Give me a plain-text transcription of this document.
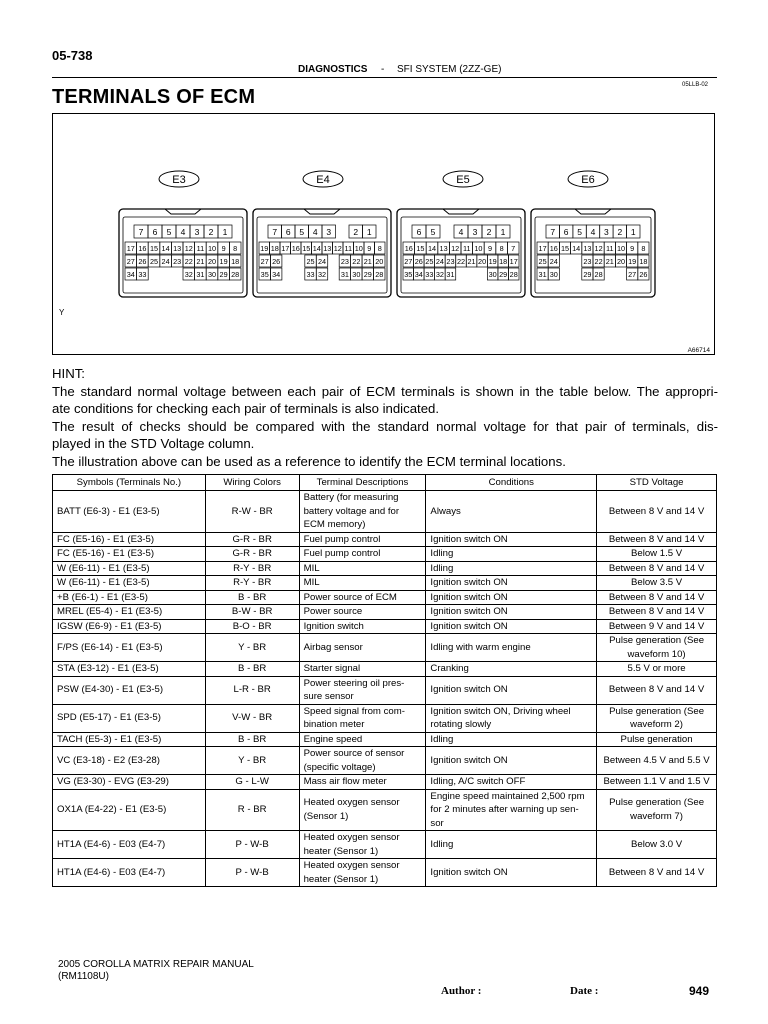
05-738
DIAGNOSTICS - SFI SYSTEM (2ZZ-GE)
05LLB-02
TERMINALS OF ECM
E3
7 6 5 4 3 2 1
17 16 15 14 13 12 11 10 9 8
27 26 25 24 23 22 21 20 19 18
34 33	32 31 30 29 28
E4
7 6 5 4 3	2 1
19 18 17 16 15 14 13 12 11 10 9 8
27 26	25 24 23 22 21 20
35 34	33 32 31 30 29 28
E5
6 5	4 3 2 1
16 15 14 13 12 11 10 9 8 7
27 26 25 24 23 22 21 20 19 18 17
35 34 33 32 31	30 29 28
E6
7 6 5 4 3 2 1
17 16 15 14 13 12 11 10 9 8
25 24	23 22 21 20 19 18
31 30	29 28	27 26
Y
A66714

HINT:

The standard normal voltage between each pair of ECM terminals is shown in the table below. The appropri-

ate conditions for checking each pair of terminals is also indicated.

The result of checks should be compared with the standard normal voltage for that pair of terminals, dis-

played in the STD Voltage column.

The illustration above can be used as a reference to identify the ECM terminal locations.

Symbols (Terminals No.)	Wiring Colors	Terminal Descriptions	Conditions	STD Voltage
BATT (E6-3) - E1 (E3-5)	R-W - BR	Battery (for measuring battery voltage and for ECM memory)	Always	Between 8 V and 14 V
FC (E5-16) - E1 (E3-5)	G-R - BR	Fuel pump control	Ignition switch ON	Between 8 V and 14 V
FC (E5-16) - E1 (E3-5)	G-R - BR	Fuel pump control	Idling	Below 1.5 V
W (E6-11) - E1 (E3-5)	R-Y - BR	MIL	Idling	Between 8 V and 14 V
W (E6-11) - E1 (E3-5)	R-Y - BR	MIL	Ignition switch ON	Below 3.5 V
+B (E6-1) - E1 (E3-5)	B - BR	Power source of ECM	Ignition switch ON	Between 8 V and 14 V
MREL (E5-4) - E1 (E3-5)	B-W - BR	Power source	Ignition switch ON	Between 8 V and 14 V
IGSW (E6-9) - E1 (E3-5)	B-O - BR	Ignition switch	Ignition switch ON	Between 9 V and 14 V
F/PS (E6-14) - E1 (E3-5)	Y - BR	Airbag sensor	Idling with warm engine	Pulse generation (See waveform 10)
STA (E3-12) - E1 (E3-5)	B - BR	Starter signal	Cranking	5.5 V or more
PSW (E4-30) - E1 (E3-5)	L-R - BR	Power steering oil pres- sure sensor	Ignition switch ON	Between 8 V and 14 V
SPD (E5-17) - E1 (E3-5)	V-W - BR	Speed signal from com- bination meter	Ignition switch ON, Driving wheel rotating slowly	Pulse generation (See waveform 2)
TACH (E5-3) - E1 (E3-5)	B - BR	Engine speed	Idling	Pulse generation
VC (E3-18) - E2 (E3-28)	Y - BR	Power source of sensor (specific voltage)	Ignition switch ON	Between 4.5 V and 5.5 V
VG (E3-30) - EVG (E3-29)	G - L-W	Mass air flow meter	Idling, A/C switch OFF	Between 1.1 V and 1.5 V
OX1A (E4-22) - E1 (E3-5)	R - BR	Heated oxygen sensor (Sensor 1)	Engine speed maintained 2,500 rpm for 2 minutes after warning up sen- sor	Pulse generation (See waveform 7)
HT1A (E4-6) - E03 (E4-7)	P - W-B	Heated oxygen sensor heater (Sensor 1)	Idling	Below 3.0 V
HT1A (E4-6) - E03 (E4-7)	P - W-B	Heated oxygen sensor heater (Sensor 1)	Ignition switch ON	Between 8 V and 14 V
2005 COROLLA MATRIX REPAIR MANUAL
(RM1108U)
Author :	Date :	949
